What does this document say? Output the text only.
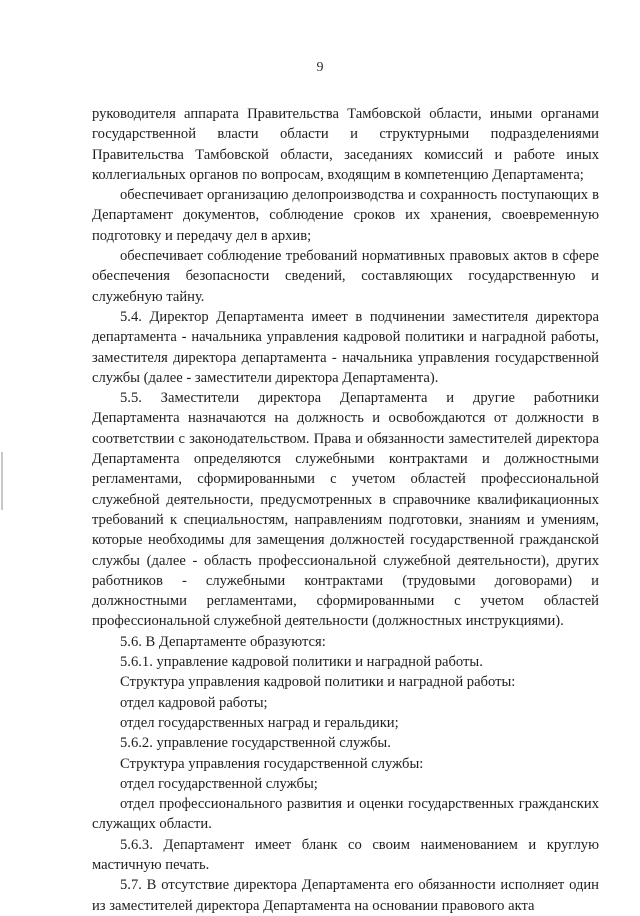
9

руководителя аппарата Правительства Тамбовской области, иными органами государственной власти области и структурными подразделениями Правительства Тамбовской области, заседаниях комиссий и работе иных коллегиальных органов по вопросам, входящим в компетенцию Департамента;

обеспечивает организацию делопроизводства и сохранность поступающих в Департамент документов, соблюдение сроков их хранения, своевременную подготовку и передачу дел в архив;

обеспечивает соблюдение требований нормативных правовых актов в сфере обеспечения безопасности сведений, составляющих государственную и служебную тайну.

5.4. Директор Департамента имеет в подчинении заместителя директора департамента - начальника управления кадровой политики и наградной работы, заместителя директора департамента - начальника управления государственной службы (далее - заместители директора Департамента).

5.5. Заместители директора Департамента и другие работники Департамента назначаются на должность и освобождаются от должности в соответствии с законодательством. Права и обязанности заместителей директора Департамента определяются служебными контрактами и должностными регламентами, сформированными с учетом областей профессиональной служебной деятельности, предусмотренных в справочнике квалификационных требований к специальностям, направлениям подготовки, знаниям и умениям, которые необходимы для замещения должностей государственной гражданской службы (далее - область профессиональной служебной деятельности), других работников - служебными контрактами (трудовыми договорами) и должностными регламентами, сформированными с учетом областей профессиональной служебной деятельности (должностных инструкциями).

5.6. В Департаменте образуются:

5.6.1. управление кадровой политики и наградной работы.

Структура управления кадровой политики и наградной работы:

отдел кадровой работы;

отдел государственных наград и геральдики;

5.6.2. управление государственной службы.

Структура управления государственной службы:

отдел государственной службы;

отдел профессионального развития и оценки государственных гражданских служащих области.

5.6.3. Департамент имеет бланк со своим наименованием и круглую мастичную печать.

5.7. В отсутствие директора Департамента его обязанности исполняет один из заместителей директора Департамента на основании правового акта
